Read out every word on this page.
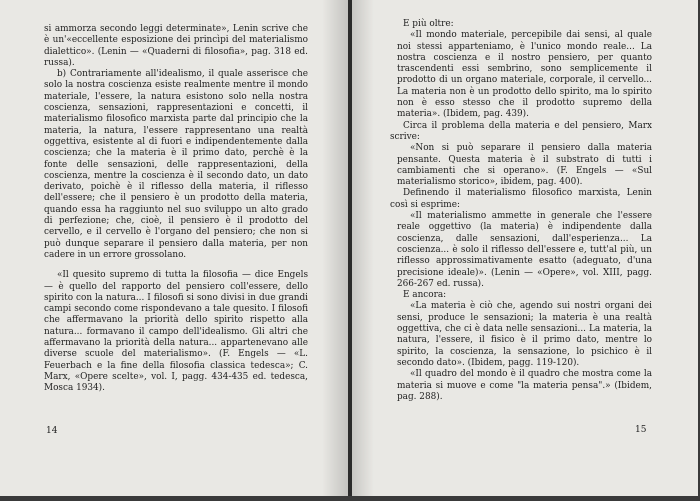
si ammorza secondo leggi determinate», Lenin scrive che è un'«eccellente esposizione dei princìpi del materialismo dialettico». (Lenin — «Quaderni di filosofia», pag. 318 ed. russa).

b) Contrariamente all'idealismo, il quale asserisce che solo la nostra coscienza esiste realmente mentre il mondo materiale, l'essere, la natura esistono solo nella nostra coscienza, sensazioni, rappresentazioni e concetti, il materialismo filosofico marxista parte dal principio che la materia, la natura, l'essere rappresentano una realtà oggettiva, esistente al di fuori e indipendentemente dalla coscienza; che la materia è il primo dato, perchè è la fonte delle sensazioni, delle rappresentazioni, della coscienza, mentre la coscienza è il secondo dato, un dato derivato, poichè è il riflesso della materia, il riflesso dell'essere; che il pensiero è un prodotto della materia, quando essa ha raggiunto nel suo sviluppo un alto grado di perfezione; che, cioè, il pensiero è il prodotto del cervello, e il cervello è l'organo del pensiero; che non si può dunque separare il pensiero dalla materia, per non cadere in un errore grossolano.

«Il quesito supremo di tutta la filosofia — dice Engels — è quello del rapporto del pensiero coll'essere, dello spirito con la natura... I filosofi si sono divisi in due grandi campi secondo come rispondevano a tale quesito. I filosofi che affermavano la priorità dello spirito rispetto alla natura... formavano il campo dell'idealismo. Gli altri che affermavano la priorità della natura... appartenevano alle diverse scuole del materialismo». (F. Engels — «L. Feuerbach e la fine della filosofia classica tedesca»; C. Marx, «Opere scelte», vol. I, pagg. 434-435 ed. tedesca, Mosca 1934).

14

E più oltre:

«Il mondo materiale, percepibile dai sensi, al quale noi stessi apparteniamo, è l'unico mondo reale... La nostra coscienza e il nostro pensiero, per quanto trascendenti essi sembrino, sono semplicemente il prodotto di un organo materiale, corporale, il cervello... La materia non è un prodotto dello spirito, ma lo spirito non è esso stesso che il prodotto supremo della materia». (Ibidem, pag. 439).

Circa il problema della materia e del pensiero, Marx scrive:

«Non si può separare il pensiero dalla materia pensante. Questa materia è il substrato di tutti i cambiamenti che si operano». (F. Engels — «Sul materialismo storico», ibidem, pag. 400).

Definendo il materialismo filosofico marxista, Lenin così si esprime:

«Il materialismo ammette in generale che l'essere reale oggettivo (la materia) è indipendente dalla coscienza, dalle sensazioni, dall'esperienza... La coscienza... è solo il riflesso dell'essere e, tutt'al più, un riflesso approssimativamente esatto (adeguato, d'una precisione ideale)». (Lenin — «Opere», vol. XIII, pagg. 266-267 ed. russa).

E ancora:

«La materia è ciò che, agendo sui nostri organi dei sensi, produce le sensazioni; la materia è una realtà oggettiva, che ci è data nelle sensazioni... La materia, la natura, l'essere, il fisico è il primo dato, mentre lo spirito, la coscienza, la sensazione, lo psichico è il secondo dato». (Ibidem, pagg. 119-120).

«Il quadro del mondo è il quadro che mostra come la materia si muove e come "la materia pensa".» (Ibidem, pag. 288).

15
